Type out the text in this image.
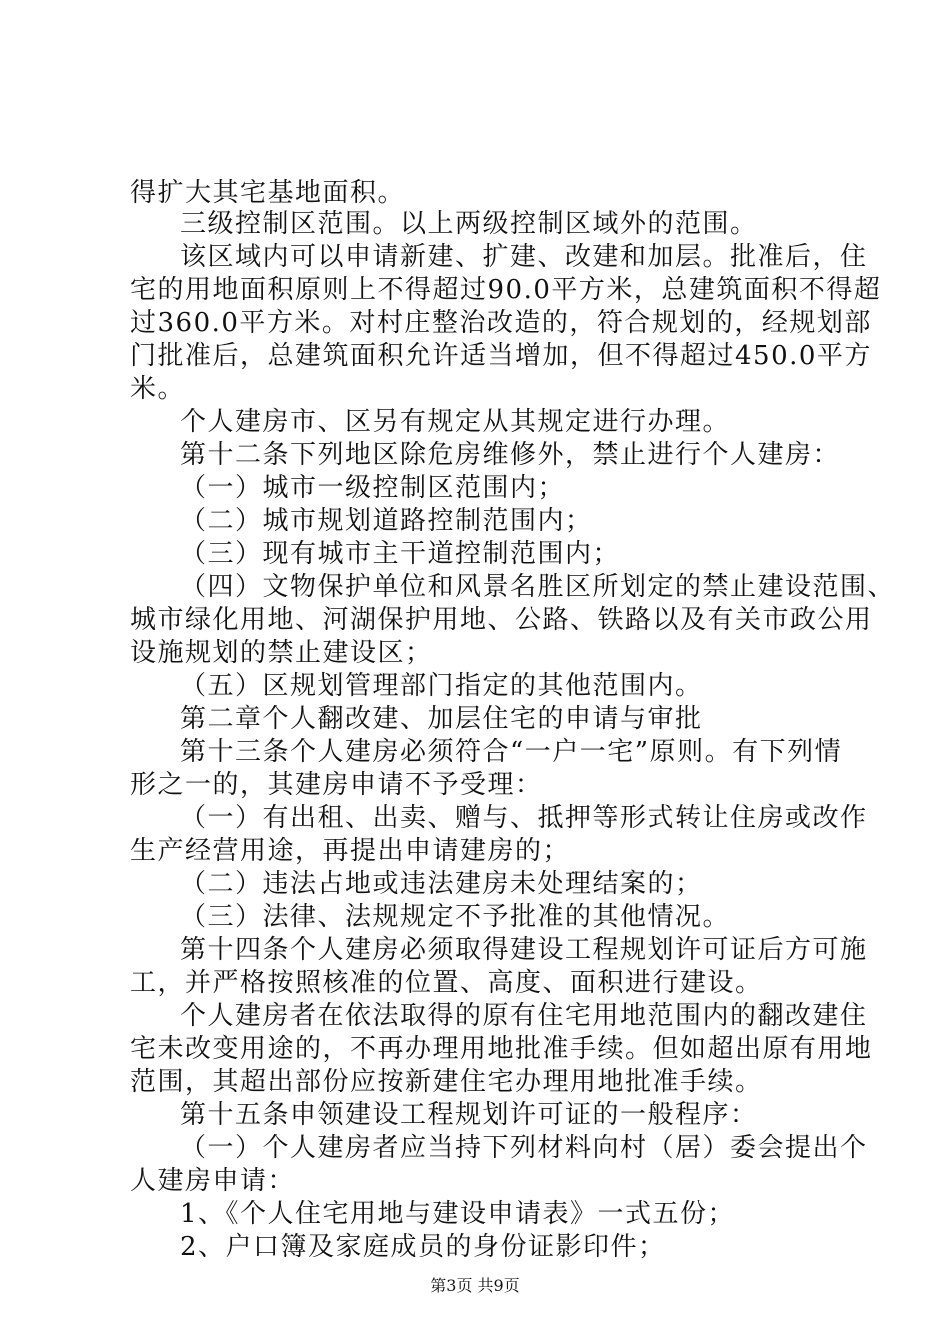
得扩大其宅基地面积。
三级控制区范围。以上两级控制区域外的范围。
该区域内可以申请新建、扩建、改建和加层。批准后，住
宅的用地面积原则上不得超过90.0平方米，总建筑面积不得超
过360.0平方米。对村庄整治改造的，符合规划的，经规划部
门批准后，总建筑面积允许适当增加，但不得超过450.0平方
米。
个人建房市、区另有规定从其规定进行办理。
第十二条下列地区除危房维修外，禁止进行个人建房：
（一）城市一级控制区范围内；
（二）城市规划道路控制范围内；
（三）现有城市主干道控制范围内；
（四）文物保护单位和风景名胜区所划定的禁止建设范围、
城市绿化用地、河湖保护用地、公路、铁路以及有关市政公用
设施规划的禁止建设区；
（五）区规划管理部门指定的其他范围内。
第二章个人翻改建、加层住宅的申请与审批
第十三条个人建房必须符合“一户一宅”原则。有下列情
形之一的，其建房申请不予受理：
（一）有出租、出卖、赠与、抵押等形式转让住房或改作
生产经营用途，再提出申请建房的；
（二）违法占地或违法建房未处理结案的；
（三）法律、法规规定不予批准的其他情况。
第十四条个人建房必须取得建设工程规划许可证后方可施
工，并严格按照核准的位置、高度、面积进行建设。
个人建房者在依法取得的原有住宅用地范围内的翻改建住
宅未改变用途的，不再办理用地批准手续。但如超出原有用地
范围，其超出部份应按新建住宅办理用地批准手续。
第十五条申领建设工程规划许可证的一般程序：
（一）个人建房者应当持下列材料向村（居）委会提出个
人建房申请：
1、《个人住宅用地与建设申请表》一式五份；
2、户口簿及家庭成员的身份证影印件；
第3页 共9页
